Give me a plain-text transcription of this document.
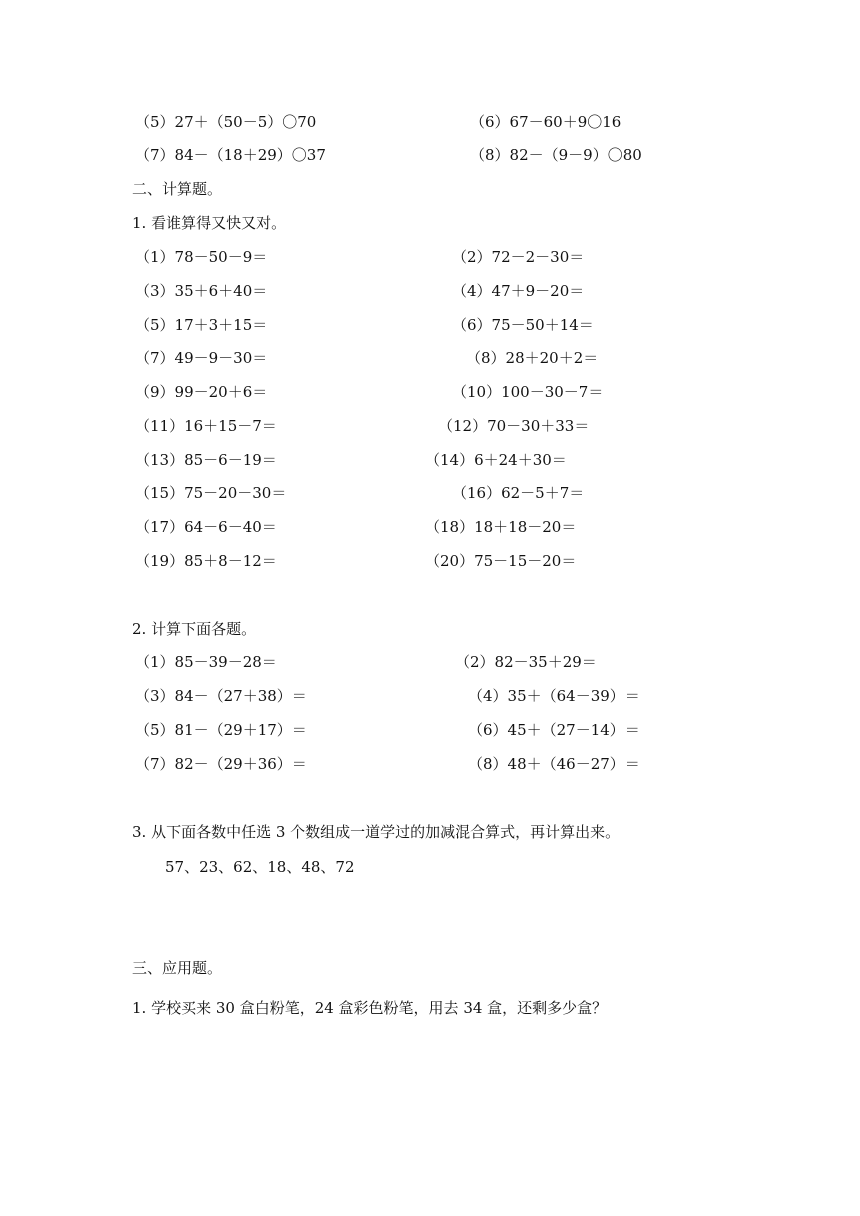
（5）27＋（50－5）〇70	（6）67－60＋9〇16
（7）84－（18＋29）〇37	（8）82－（9－9）〇80
二、计算题。
1. 看谁算得又快又对。
（1）78－50－9＝	（2）72－2－30＝
（3）35＋6＋40＝	（4）47＋9－20＝
（5）17＋3＋15＝	（6）75－50＋14＝
（7）49－9－30＝	（8）28＋20＋2＝
（9）99－20＋6＝	（10）100－30－7＝
（11）16＋15－7＝	（12）70－30＋33＝
（13）85－6－19＝	（14）6＋24＋30＝
（15）75－20－30＝	（16）62－5＋7＝
（17）64－6－40＝	（18）18＋18－20＝
（19）85＋8－12＝	（20）75－15－20＝
2. 计算下面各题。
（1）85－39－28＝	（2）82－35＋29＝
（3）84－（27＋38）＝	（4）35＋（64－39）＝
（5）81－（29＋17）＝	（6）45＋（27－14）＝
（7）82－（29＋36）＝	（8）48＋（46－27）＝
3. 从下面各数中任选 3 个数组成一道学过的加减混合算式，再计算出来。
57、23、62、18、48、72
三、应用题。
1. 学校买来 30 盒白粉笔，24 盒彩色粉笔，用去 34 盒，还剩多少盒？
